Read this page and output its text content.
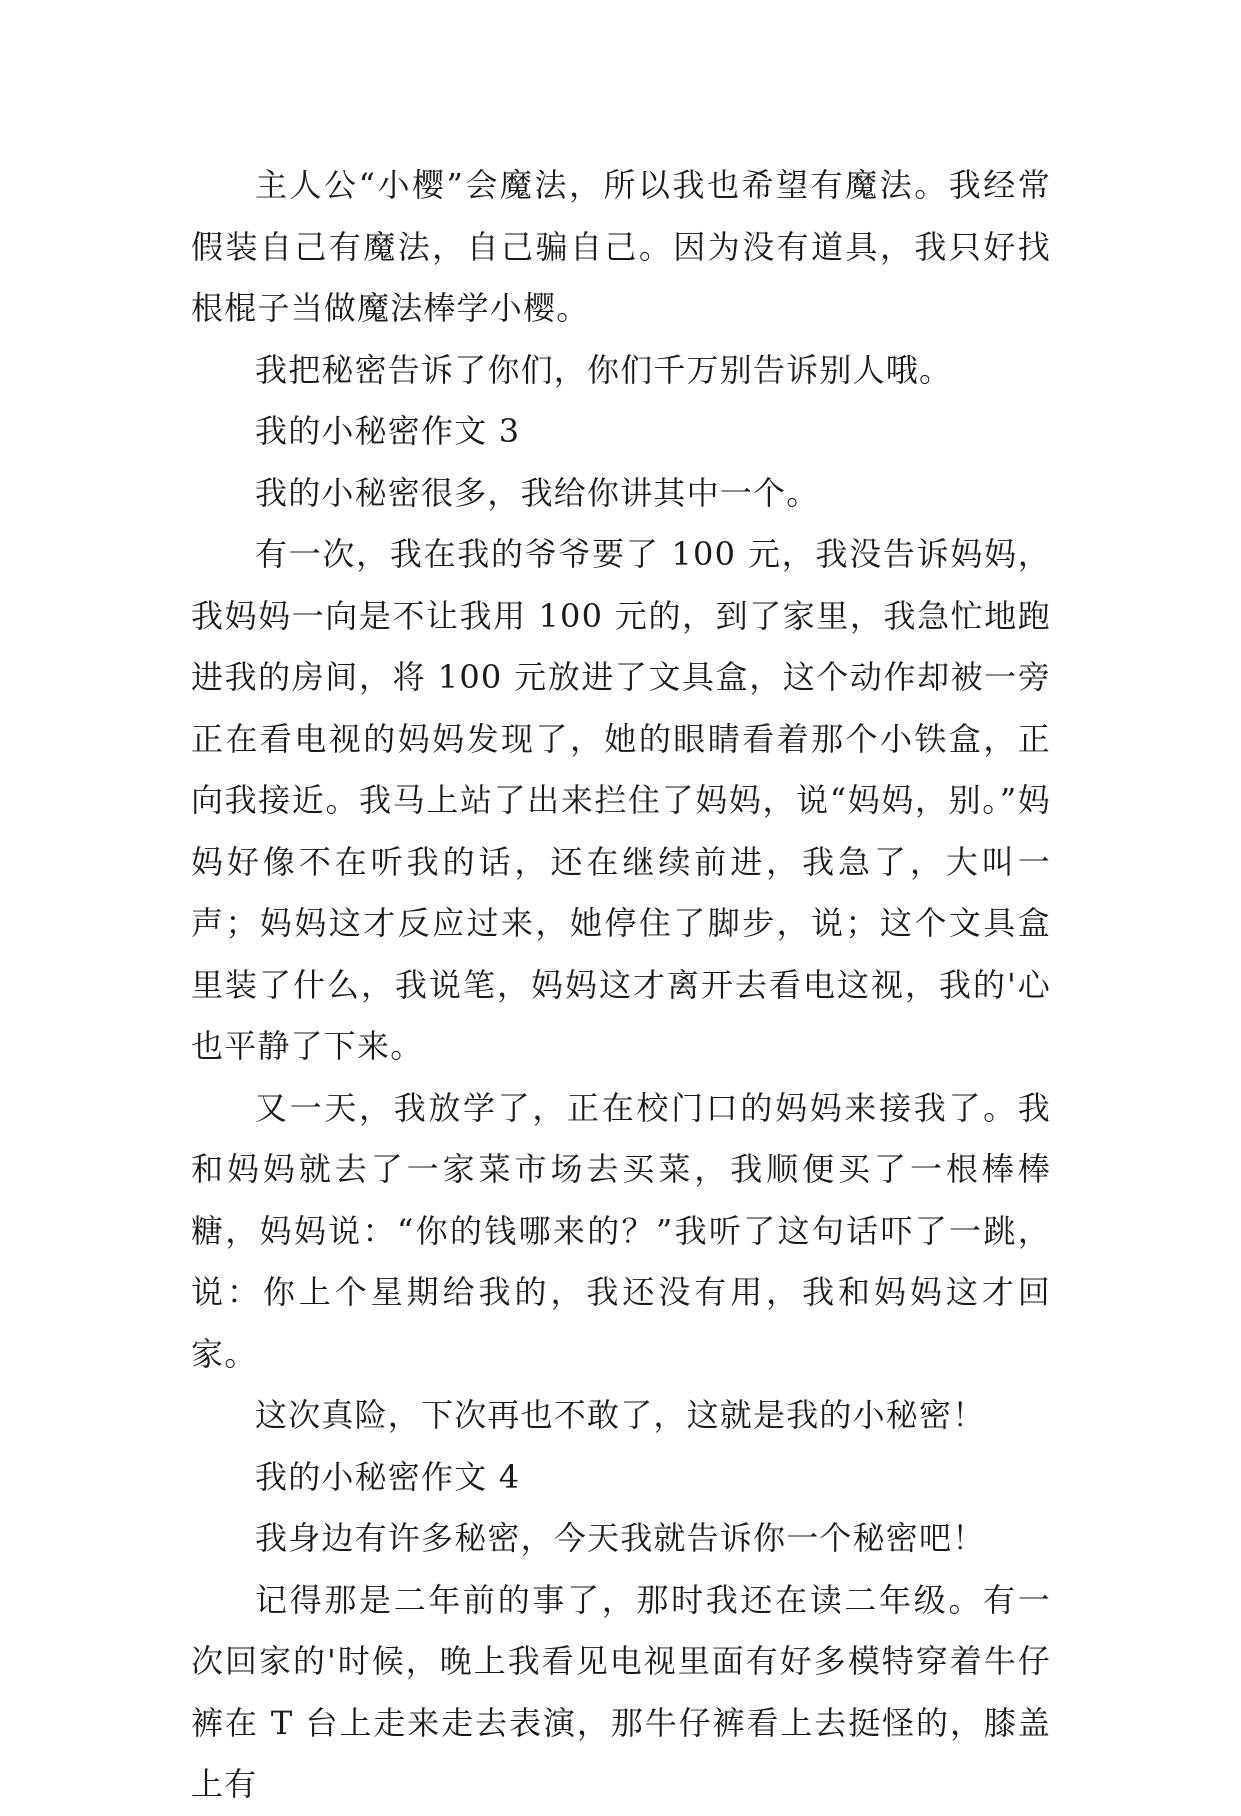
主人公“小樱”会魔法，所以我也希望有魔法。我经常假装自己有魔法，自己骗自己。因为没有道具，我只好找根棍子当做魔法棒学小樱。

我把秘密告诉了你们，你们千万别告诉别人哦。

我的小秘密作文 3

我的小秘密很多，我给你讲其中一个。

有一次，我在我的爷爷要了 100 元，我没告诉妈妈，我妈妈一向是不让我用 100 元的，到了家里，我急忙地跑进我的房间，将 100 元放进了文具盒，这个动作却被一旁正在看电视的妈妈发现了，她的眼睛看着那个小铁盒，正向我接近。我马上站了出来拦住了妈妈，说“妈妈，别。”妈妈好像不在听我的话，还在继续前进，我急了，大叫一声；妈妈这才反应过来，她停住了脚步，说；这个文具盒里装了什么，我说笔，妈妈这才离开去看电这视，我的'心也平静了下来。

又一天，我放学了，正在校门口的妈妈来接我了。我和妈妈就去了一家菜市场去买菜，我顺便买了一根棒棒糖，妈妈说：“你的钱哪来的？”我听了这句话吓了一跳，说：你上个星期给我的，我还没有用，我和妈妈这才回家。

这次真险，下次再也不敢了，这就是我的小秘密！

我的小秘密作文 4

我身边有许多秘密，今天我就告诉你一个秘密吧！

记得那是二年前的事了，那时我还在读二年级。有一次回家的'时候，晚上我看见电视里面有好多模特穿着牛仔裤在 T 台上走来走去表演，那牛仔裤看上去挺怪的，膝盖上有
